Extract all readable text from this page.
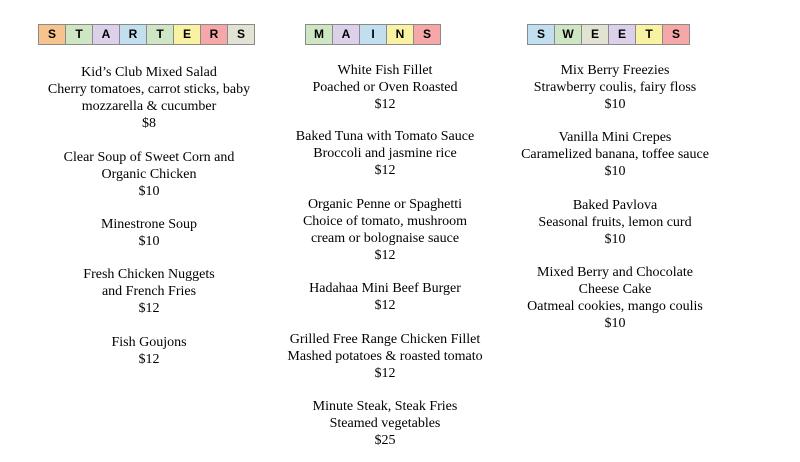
S	T	A	R	T	E	R	S
Kid’s Club Mixed Salad
Cherry tomatoes, carrot sticks, baby
mozzarella & cucumber
$8
Clear Soup of Sweet Corn and
Organic Chicken
$10
Minestrone Soup
$10
Fresh Chicken Nuggets
and French Fries
$12
Fish Goujons
$12
M	A	I	N	S
White Fish Fillet
Poached or Oven Roasted
$12
Baked Tuna with Tomato Sauce
Broccoli and jasmine rice
$12
Organic Penne or Spaghetti
Choice of tomato, mushroom
cream or bolognaise sauce
$12
Hadahaa Mini Beef Burger
$12
Grilled Free Range Chicken Fillet
Mashed potatoes & roasted tomato
$12
Minute Steak, Steak Fries
Steamed vegetables
$25
S	W	E	E	T	S
Mix Berry Freezies
Strawberry coulis, fairy floss
$10
Vanilla Mini Crepes
Caramelized banana, toffee sauce
$10
Baked Pavlova
Seasonal fruits, lemon curd
$10
Mixed Berry and Chocolate
Cheese Cake
Oatmeal cookies, mango coulis
$10
